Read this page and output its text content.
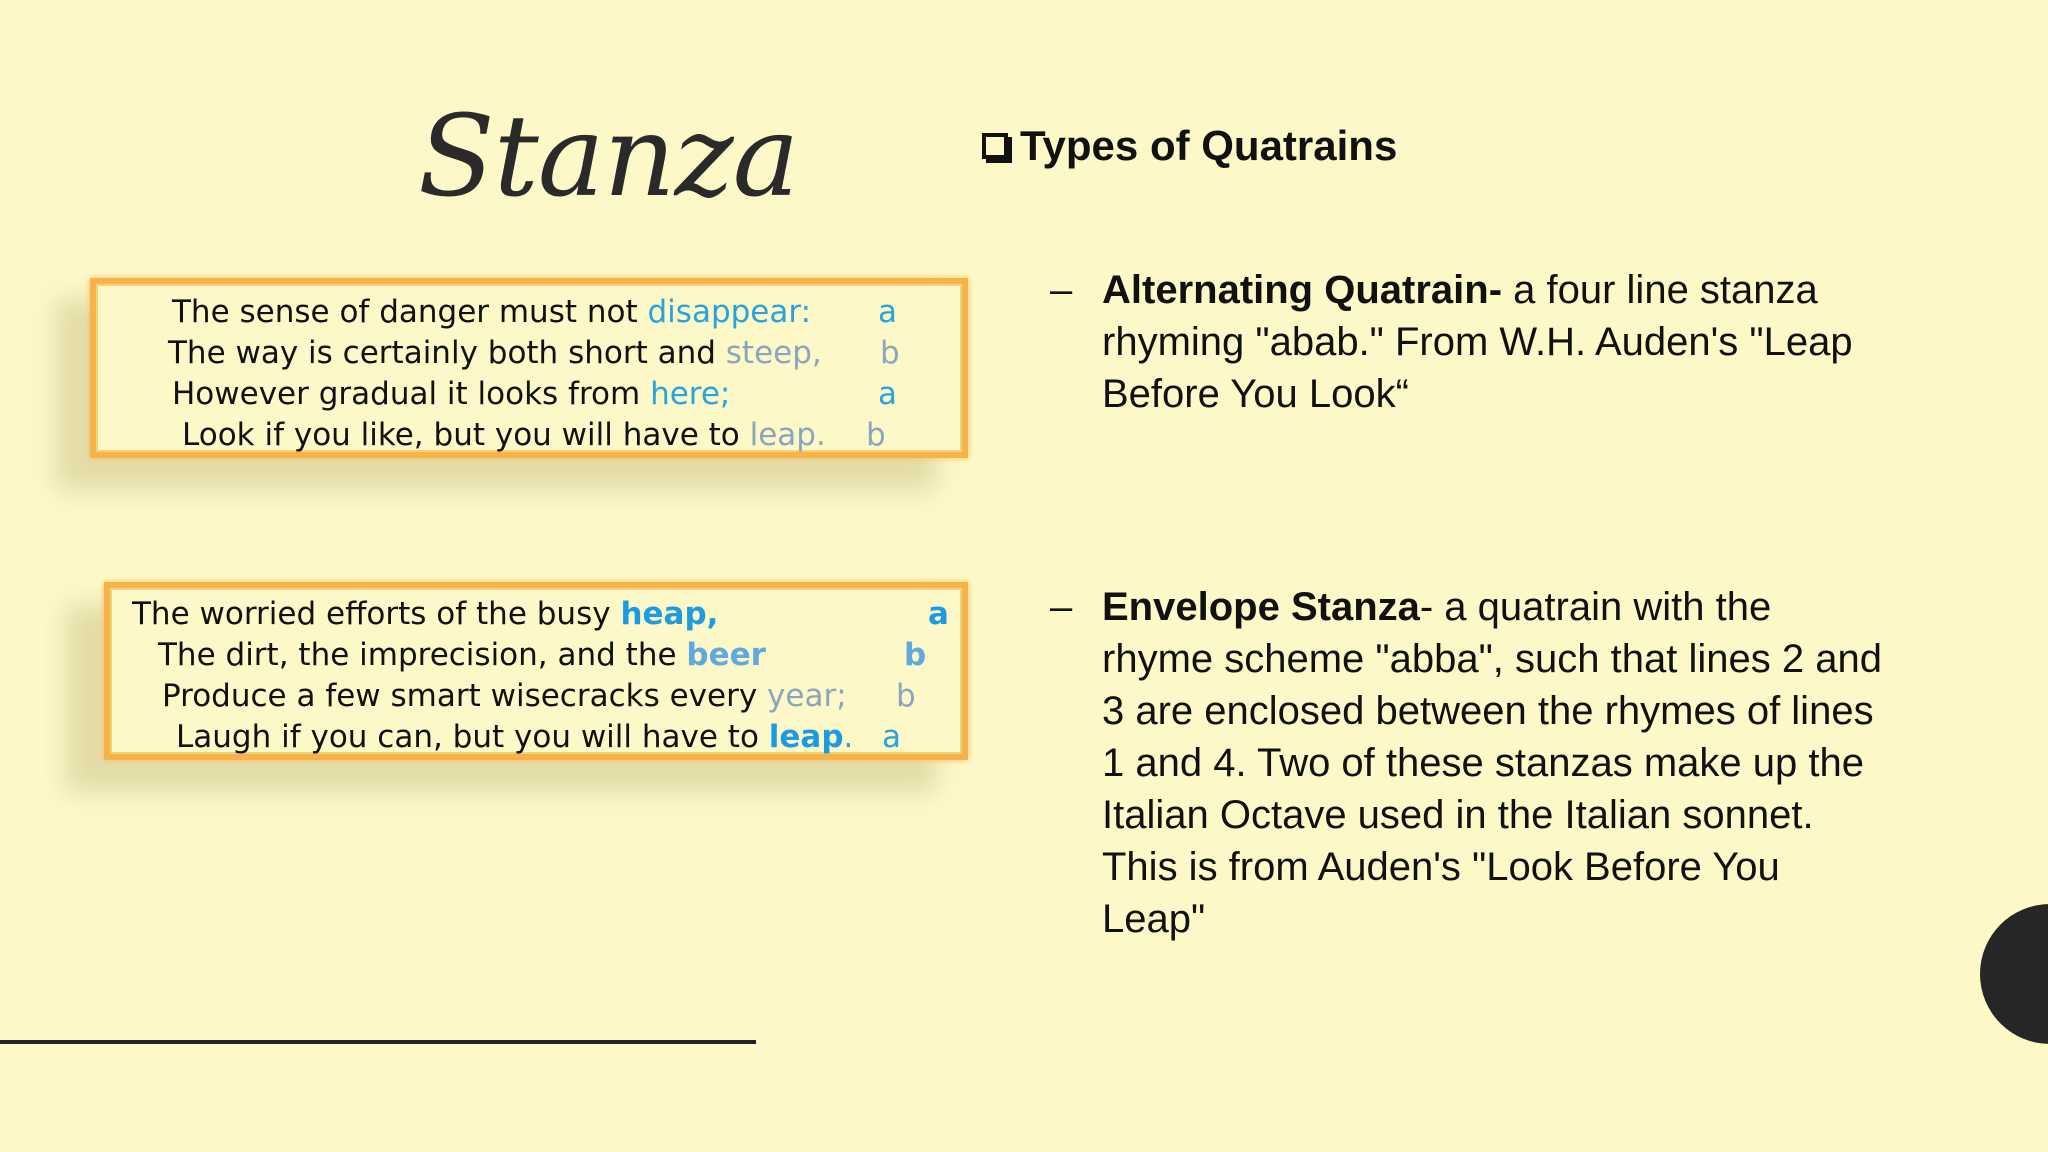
Stanza	Types of Quatrains
The sense of danger must not disappear: a
The way is certainly both short and steep, b
However gradual it looks from here;	a
Look if you like, but you will have to leap. b
The worried efforts of the busy heap,	a
The dirt, the imprecision, and the beer	b
Produce a few smart wisecracks every year; b
Laugh if you can, but you will have to leap. a
– Alternating Quatrain- a four line stanza rhyming "abab." From W.H. Auden's "Leap Before You Look“
– Envelope Stanza- a quatrain with the rhyme scheme "abba", such that lines 2 and 3 are enclosed between the rhymes of lines 1 and 4. Two of these stanzas make up the Italian Octave used in the Italian sonnet. This is from Auden's "Look Before You Leap"
